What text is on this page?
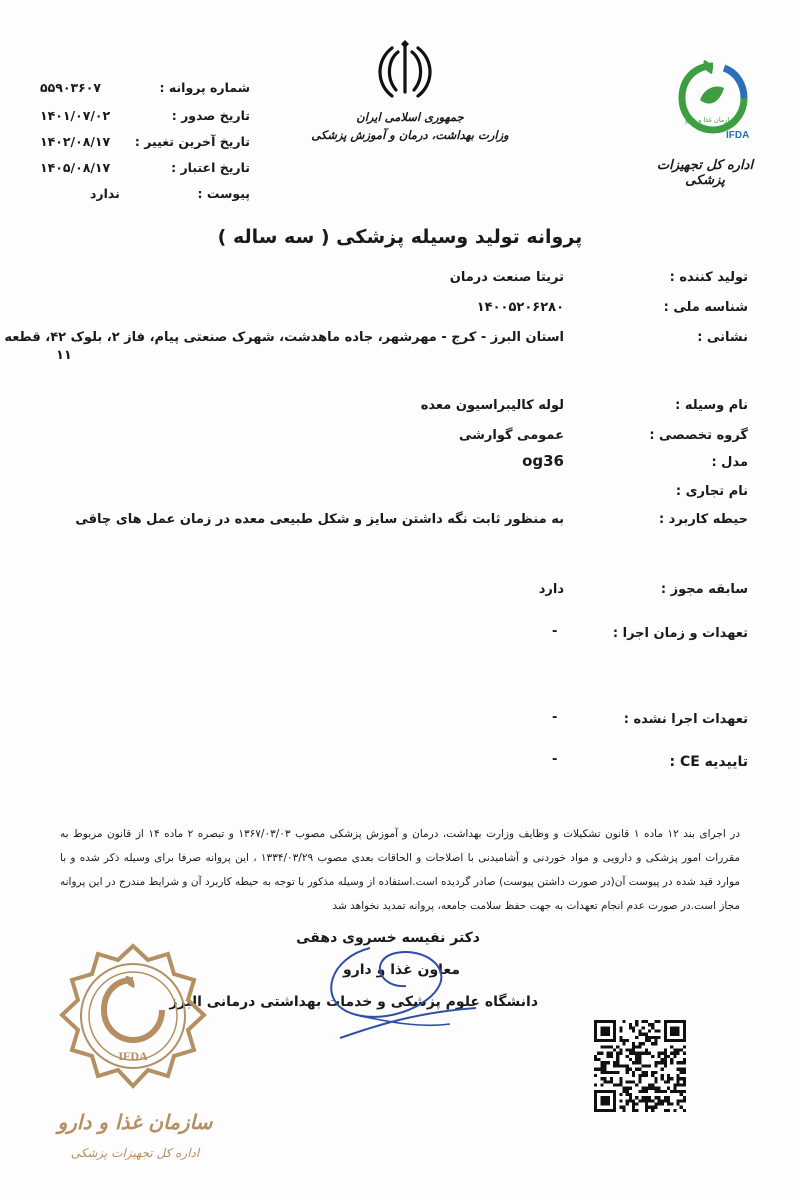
شماره پروانه :
۵۵۹۰۳۶۰۷
تاریخ صدور :
۱۴۰۱/۰۷/۰۲
تاریخ آخرین تغییر :
۱۴۰۲/۰۸/۱۷
تاریخ اعتبار :
۱۴۰۵/۰۸/۱۷
پیوست :
ندارد
جمهوری اسلامی ایران
وزارت بهداشت، درمان و آموزش پزشکی	IFDA
سازمان غذا و دارو
اداره کل تجهیزات پزشکی
پروانه تولید وسیله پزشکی ( سه ساله )
تولید کننده :
تریتا صنعت درمان
شناسه ملی :
۱۴۰۰۵۲۰۶۲۸۰
نشانی :
استان البرز - کرج - مهرشهر، جاده ماهدشت، شهرک صنعتی پیام، فاز ۲، بلوک ۴۲، قطعه
۱۱
نام وسیله :
لوله کالیبراسیون معده
گروه تخصصی :
عمومی گوارشی
مدل :
og36
نام تجاری :
حیطه کاربرد :
به منظور ثابت نگه داشتن سایز و شکل طبیعی معده در زمان عمل های چاقی
سابقه مجوز :
دارد
تعهدات و زمان اجرا :
-
تعهدات اجرا نشده :
-
تاییدیه CE :
-
در اجرای بند ۱۲ ماده ۱ قانون تشکیلات و وظایف وزارت بهداشت، درمان و آموزش پزشکی مصوب ۱۳۶۷/۰۳/۰۳ و تبصره ۲ ماده ۱۴ از قانون مربوط به مقررات امور پزشکی و دارویی و مواد خوردنی و آشامیدنی با اصلاحات و الحاقات بعدی مصوب ۱۳۳۴/۰۳/۲۹ ، این پروانه صرفا برای وسیله ذکر شده و با موارد قید شده در پیوست آن(در صورت داشتن پیوست) صادر گردیده است.استفاده از وسیله مذکور با توجه به حیطه کاربرد آن و شرایط مندرج در این پروانه مجاز است.در صورت عدم انجام تعهدات به جهت حفظ سلامت جامعه، پروانه تمدید نخواهد شد
دکتر نفیسه خسروی دهقی
معاون غذا و دارو
دانشگاه علوم پزشکی و خدمات بهداشتی درمانی البرز
IFDA
سازمان غذا و دارو
اداره کل تجهیزات پزشکی
